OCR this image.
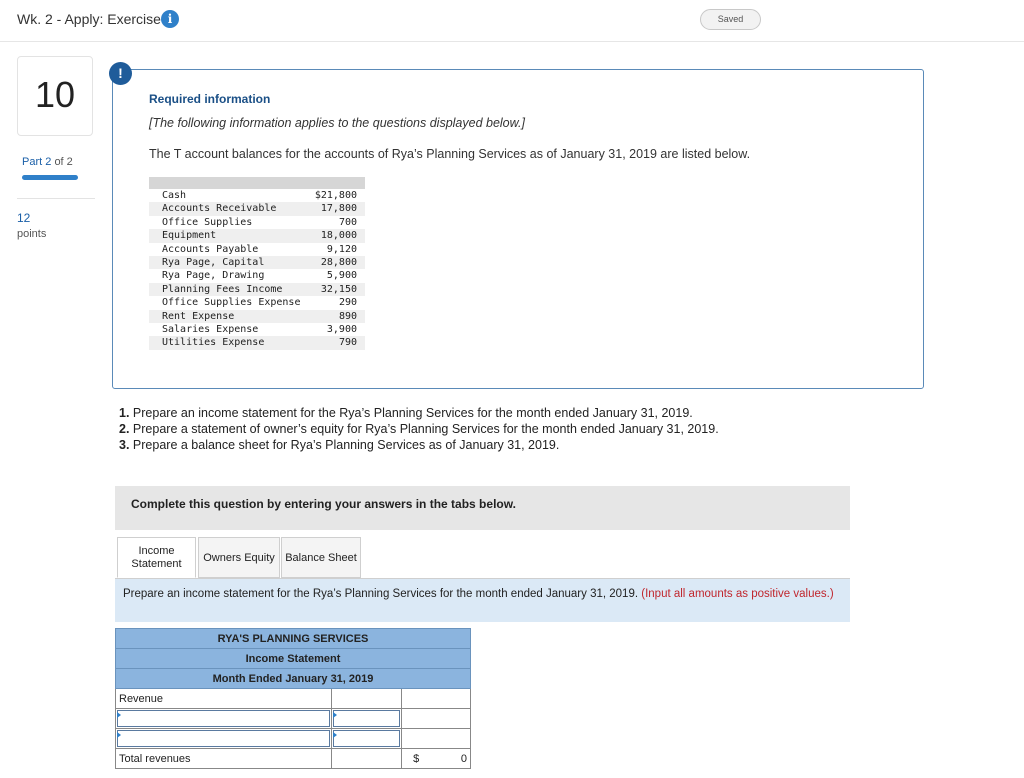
Wk. 2 - Apply: Exercise i	Saved
10
Part 2 of 2
12
points
!
Required information
[The following information applies to the questions displayed below.]
The T account balances for the accounts of Rya’s Planning Services as of January 31, 2019 are listed below.

Cash	$21,800
Accounts Receivable	17,800
Office Supplies	700
Equipment	18,000
Accounts Payable	9,120
Rya Page, Capital	28,800
Rya Page, Drawing	5,900
Planning Fees Income	32,150
Office Supplies Expense	290
Rent Expense	890
Salaries Expense	3,900
Utilities Expense	790
1. Prepare an income statement for the Rya’s Planning Services for the month ended January 31, 2019.
2. Prepare a statement of owner’s equity for Rya’s Planning Services for the month ended January 31, 2019.
3. Prepare a balance sheet for Rya’s Planning Services as of January 31, 2019.
Complete this question by entering your answers in the tabs below.
Income
Statement	Owners Equity Balance Sheet
Prepare an income statement for the Rya’s Planning Services for the month ended January 31, 2019. (Input all amounts as positive values.)
RYA'S PLANNING SERVICES		
Income Statement		
Month Ended January 31, 2019		
Revenue		

Total revenues		$ 0
